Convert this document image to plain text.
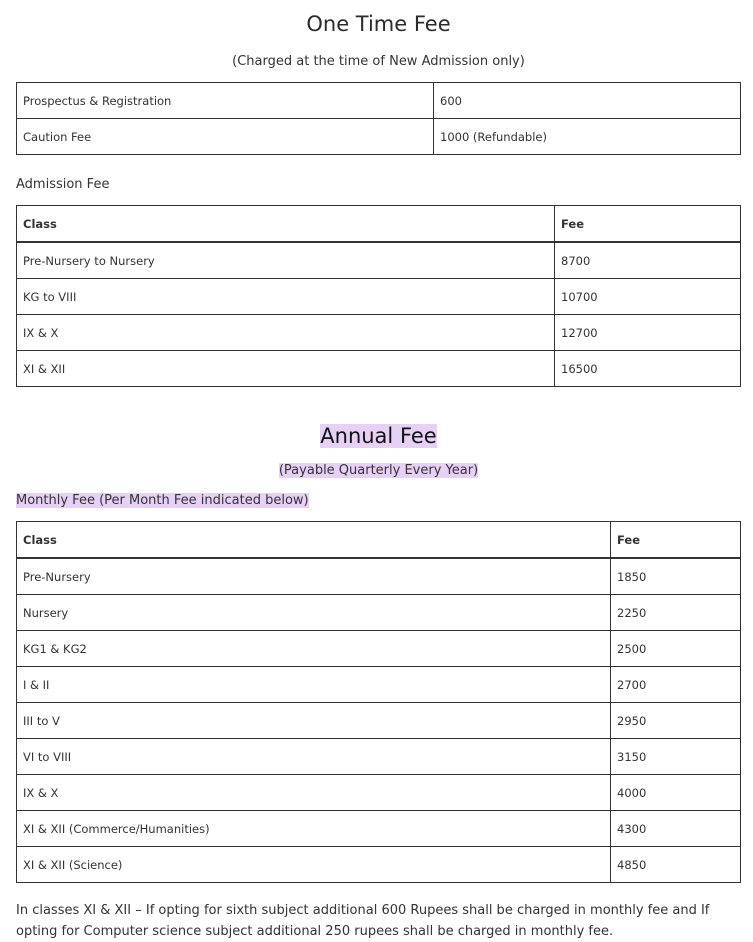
One Time Fee
(Charged at the time of New Admission only)
Prospectus & Registration	600
Caution Fee	1000 (Refundable)
Admission Fee
Class	Fee
Pre-Nursery to Nursery	8700
KG to VIII	10700
IX & X	12700
XI & XII	16500
Annual Fee
(Payable Quarterly Every Year)
Monthly Fee (Per Month Fee indicated below)
Class	Fee
Pre-Nursery	1850
Nursery	2250
KG1 & KG2	2500
I & II	2700
III to V	2950
VI to VIII	3150
IX & X	4000
XI & XII (Commerce/Humanities)	4300
XI & XII (Science)	4850
In classes XI & XII – If opting for sixth subject additional 600 Rupees shall be charged in monthly fee and If opting for Computer science subject additional 250 rupees shall be charged in monthly fee.
